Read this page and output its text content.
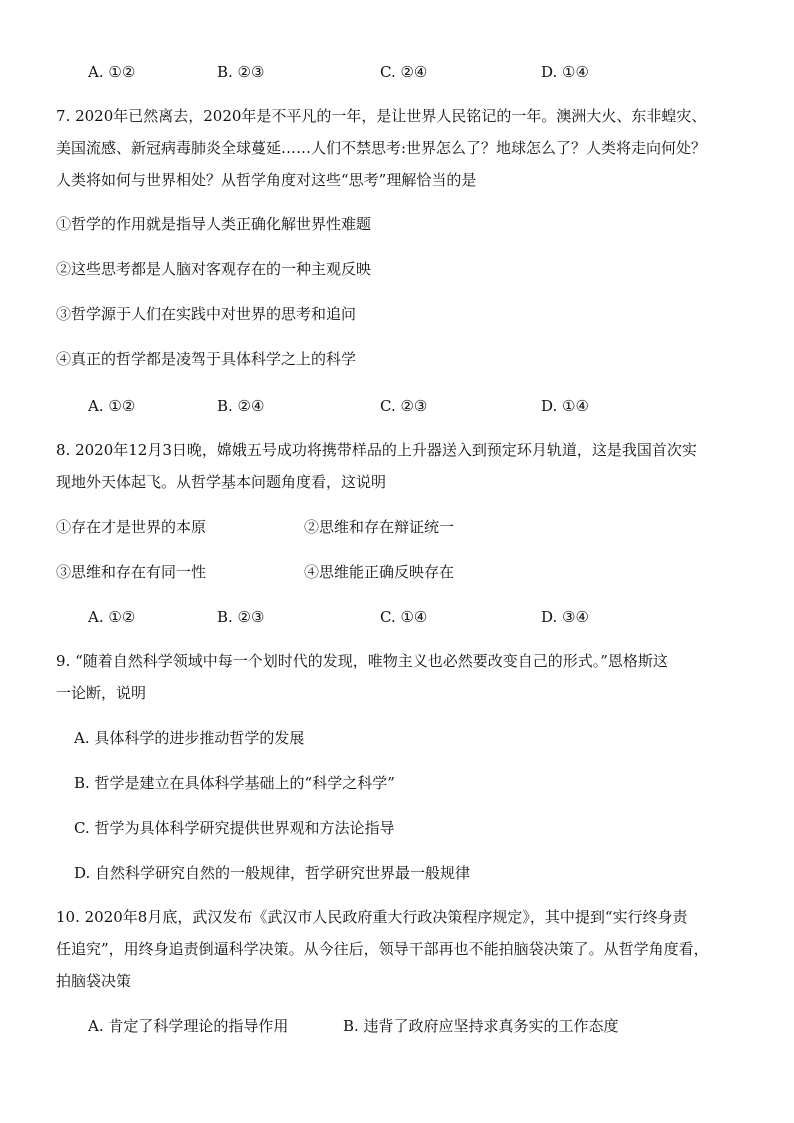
A. ①②	B. ②③	C. ②④	D. ①④
7. 2020年已然离去，2020年是不平凡的一年，是让世界人民铭记的一年。澳洲大火、东非蝗灾、
美国流感、新冠病毒肺炎全球蔓延……人们不禁思考:世界怎么了？地球怎么了？人类将走向何处？
人类将如何与世界相处？从哲学角度对这些“思考”理解恰当的是
①哲学的作用就是指导人类正确化解世界性难题
②这些思考都是人脑对客观存在的一种主观反映
③哲学源于人们在实践中对世界的思考和追问
④真正的哲学都是凌驾于具体科学之上的科学
A. ①②	B. ②④	C. ②③	D. ①④
8. 2020年12月3日晚，嫦娥五号成功将携带样品的上升器送入到预定环月轨道，这是我国首次实
现地外天体起飞。从哲学基本问题角度看，这说明
①存在才是世界的本原	②思维和存在辩证统一
③思维和存在有同一性	④思维能正确反映存在
A. ①②	B. ②③	C. ①④	D. ③④
9. “随着自然科学领域中每一个划时代的发现，唯物主义也必然要改变自己的形式。”恩格斯这
一论断，说明
A. 具体科学的进步推动哲学的发展
B. 哲学是建立在具体科学基础上的“科学之科学”
C. 哲学为具体科学研究提供世界观和方法论指导
D. 自然科学研究自然的一般规律，哲学研究世界最一般规律
10. 2020年8月底，武汉发布《武汉市人民政府重大行政决策程序规定》，其中提到“实行终身责
任追究”，用终身追责倒逼科学决策。从今往后，领导干部再也不能拍脑袋决策了。从哲学角度看，
拍脑袋决策
A. 肯定了科学理论的指导作用	B. 违背了政府应坚持求真务实的工作态度
